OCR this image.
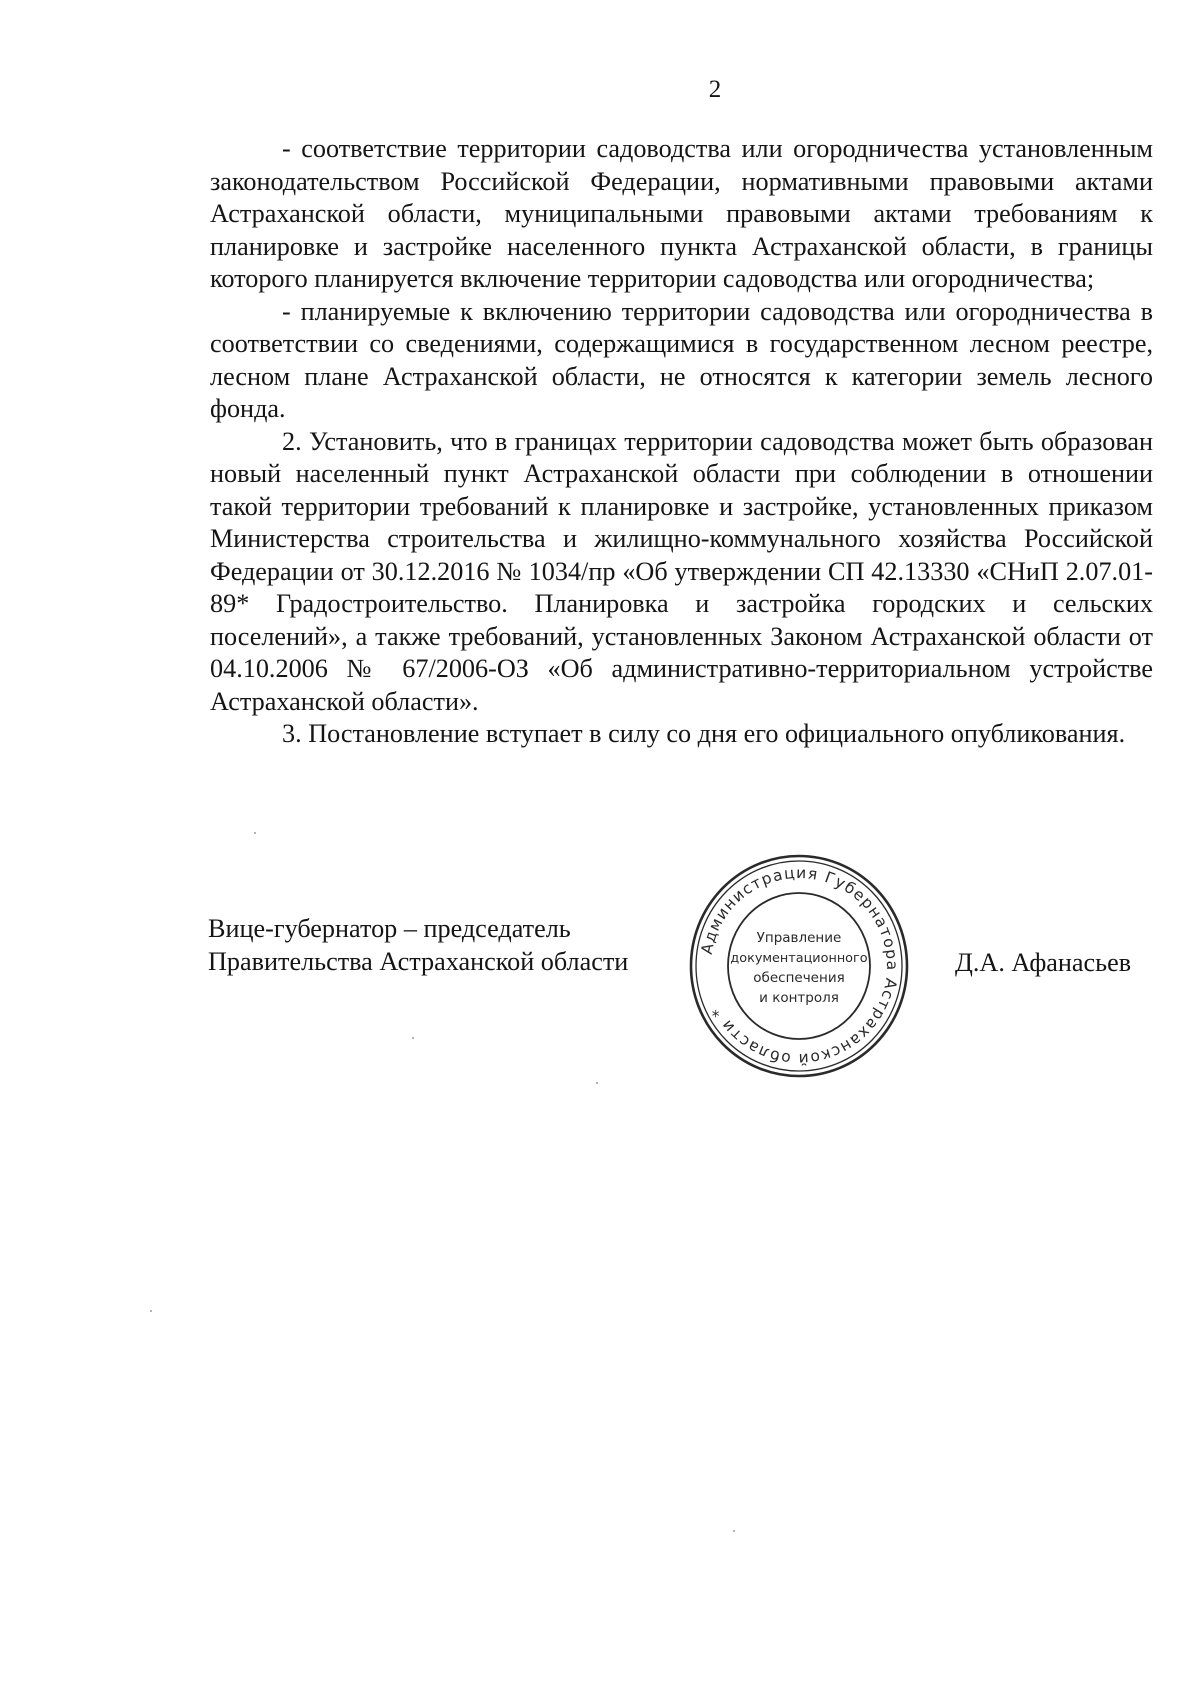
2

- соответствие территории садоводства или огородничества установленным законодательством Российской Федерации, нормативными правовыми актами Астраханской области, муниципальными правовыми актами требованиям к планировке и застройке населенного пункта Астраханской области, в границы которого планируется включение территории садоводства или огородничества;

- планируемые к включению территории садоводства или огородничества в соответствии со сведениями, содержащимися в государственном лесном реестре, лесном плане Астраханской области, не относятся к категории земель лесного фонда.

2. Установить, что в границах территории садоводства может быть образован новый населенный пункт Астраханской области при соблюдении в отношении такой территории требований к планировке и застройке, установленных приказом Министерства строительства и жилищно-коммунального хозяйства Российской Федерации от 30.12.2016 № 1034/пр «Об утверждении СП 42.13330 «СНиП 2.07.01-89* Градостроительство. Планировка и застройка городских и сельских поселений», а также требований, установленных Законом Астраханской области от 04.10.2006 № 67/2006-ОЗ «Об административно-территориальном устройстве Астраханской области».

3. Постановление вступает в силу со дня его официального опубликования.

Вице-губернатор – председатель
Правительства Астраханской области	Администрация Губернатора Астраханской области *
Управление
документационного
обеспечения
и контроля
Д.А. Афанасьев
